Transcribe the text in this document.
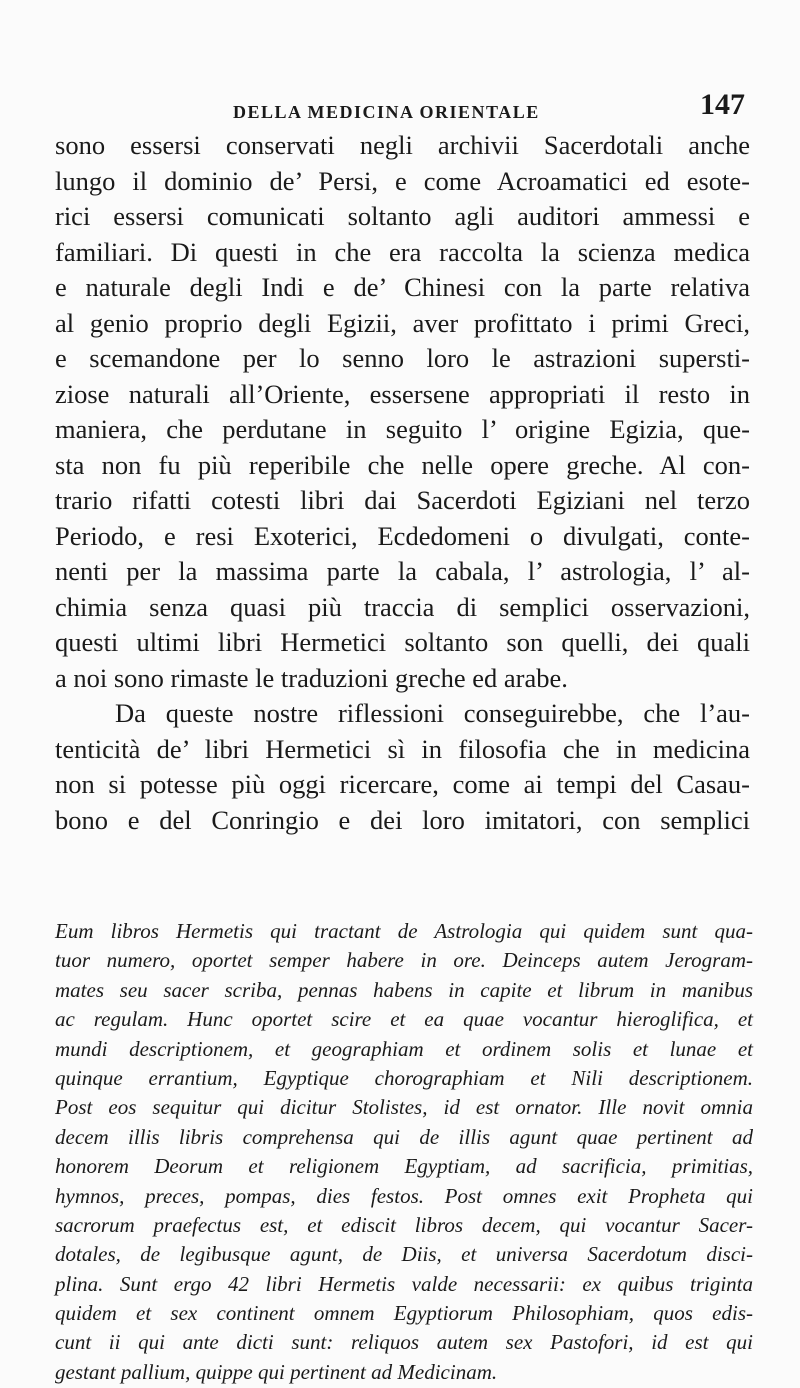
DELLA MEDICINA ORIENTALE	147
sono essersi conservati negli archivii Sacerdotali anche
lungo il dominio de’ Persi, e come Acroamatici ed esote-
rici essersi comunicati soltanto agli auditori ammessi e
familiari. Di questi in che era raccolta la scienza medica
e naturale degli Indi e de’ Chinesi con la parte relativa
al genio proprio degli Egizii, aver profittato i primi Greci,
e scemandone per lo senno loro le astrazioni supersti-
ziose naturali all’Oriente, essersene appropriati il resto in
maniera, che perdutane in seguito l’ origine Egizia, que-
sta non fu più reperibile che nelle opere greche. Al con-
trario rifatti cotesti libri dai Sacerdoti Egiziani nel terzo
Periodo, e resi Exoterici, Ecdedomeni o divulgati, conte-
nenti per la massima parte la cabala, l’ astrologia, l’ al-
chimia senza quasi più traccia di semplici osservazioni,
questi ultimi libri Hermetici soltanto son quelli, dei quali
a noi sono rimaste le traduzioni greche ed arabe.
Da queste nostre riflessioni conseguirebbe, che l’au-
tenticità de’ libri Hermetici sì in filosofia che in medicina
non si potesse più oggi ricercare, come ai tempi del Casau-
bono e del Conringio e dei loro imitatori, con semplici
Eum libros Hermetis qui tractant de Astrologia qui quidem sunt qua-
tuor numero, oportet semper habere in ore. Deinceps autem Jerogram-
mates seu sacer scriba, pennas habens in capite et librum in manibus
ac regulam. Hunc oportet scire et ea quae vocantur hieroglifica, et
mundi descriptionem, et geographiam et ordinem solis et lunae et
quinque errantium, Egyptique chorographiam et Nili descriptionem.
Post eos sequitur qui dicitur Stolistes, id est ornator. Ille novit omnia
decem illis libris comprehensa qui de illis agunt quae pertinent ad
honorem Deorum et religionem Egyptiam, ad sacrificia, primitias,
hymnos, preces, pompas, dies festos. Post omnes exit Propheta qui
sacrorum praefectus est, et ediscit libros decem, qui vocantur Sacer-
dotales, de legibusque agunt, de Diis, et universa Sacerdotum disci-
plina. Sunt ergo 42 libri Hermetis valde necessarii: ex quibus triginta
quidem et sex continent omnem Egyptiorum Philosophiam, quos edis-
cunt ii qui ante dicti sunt: reliquos autem sex Pastofori, id est qui
gestant pallium, quippe qui pertinent ad Medicinam.
